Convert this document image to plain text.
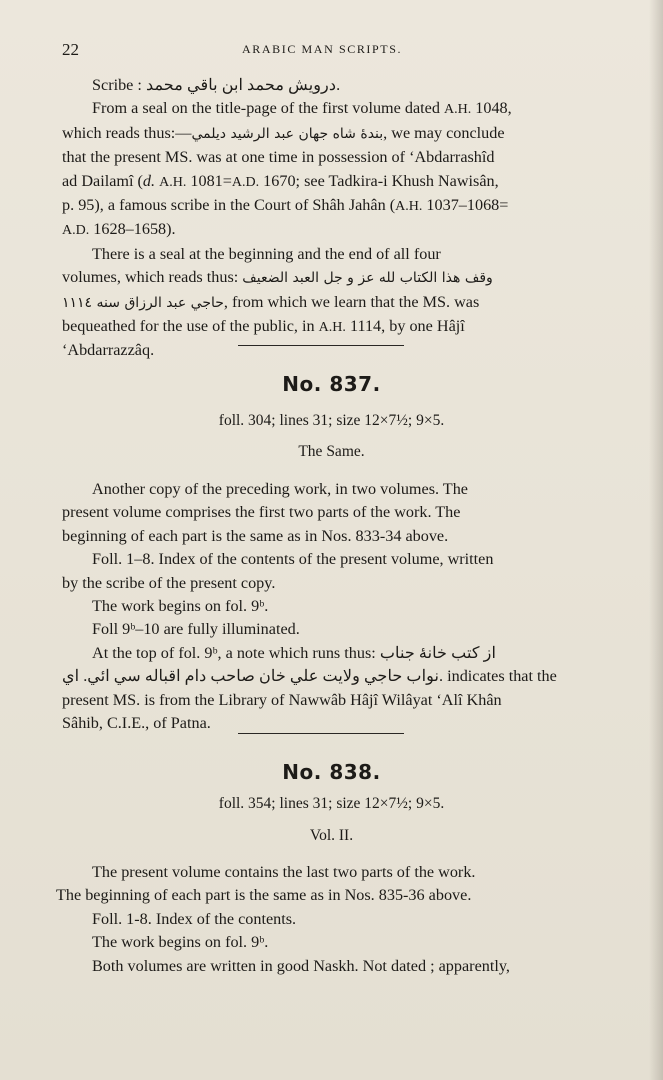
22	ARABIC MAN SCRIPTS.
Scribe : درويش محمد ابن باقي محمد.
From a seal on the title-page of the first volume dated A.H. 1048,
which reads thus:—بندهٔ شاه جهان عبد الرشيد ديلمي, we may conclude
that the present MS. was at one time in possession of ‘Abdarrashîd
ad Dailamî (d. A.H. 1081=A.D. 1670; see Tadkira-i Khush Nawisân,
p. 95), a famous scribe in the Court of Shâh Jahân (A.H. 1037–1068=
A.D. 1628–1658).
There is a seal at the beginning and the end of all four
volumes, which reads thus: وقف هذا الكتاب لله عز و جل العبد الضعيف
حاجي عبد الرزاق سنه ١١١٤, from which we learn that the MS. was
bequeathed for the use of the public, in A.H. 1114, by one Hâjî
‘Abdarrazzâq.
No. 837.
foll. 304; lines 31; size 12×7½; 9×5.
The Same.
Another copy of the preceding work, in two volumes. The
present volume comprises the first two parts of the work. The
beginning of each part is the same as in Nos. 833-34 above.
Foll. 1–8. Index of the contents of the present volume, written
by the scribe of the present copy.
The work begins on fol. 9ᵇ.
Foll 9ᵇ–10 are fully illuminated.
At the top of fol. 9ᵇ, a note which runs thus: از كتب خانهٔ جناب
نواب حاجي ولايت علي خان صاحب دام اقباله سي ائي. اي. indicates that the
present MS. is from the Library of Nawwâb Hâjî Wilâyat ‘Alî Khân
Sâhib, C.I.E., of Patna.
No. 838.
foll. 354; lines 31; size 12×7½; 9×5.
Vol. II.
The present volume contains the last two parts of the work.
The beginning of each part is the same as in Nos. 835-36 above.
Foll. 1-8. Index of the contents.
The work begins on fol. 9ᵇ.
Both volumes are written in good Naskh. Not dated ; apparently,
